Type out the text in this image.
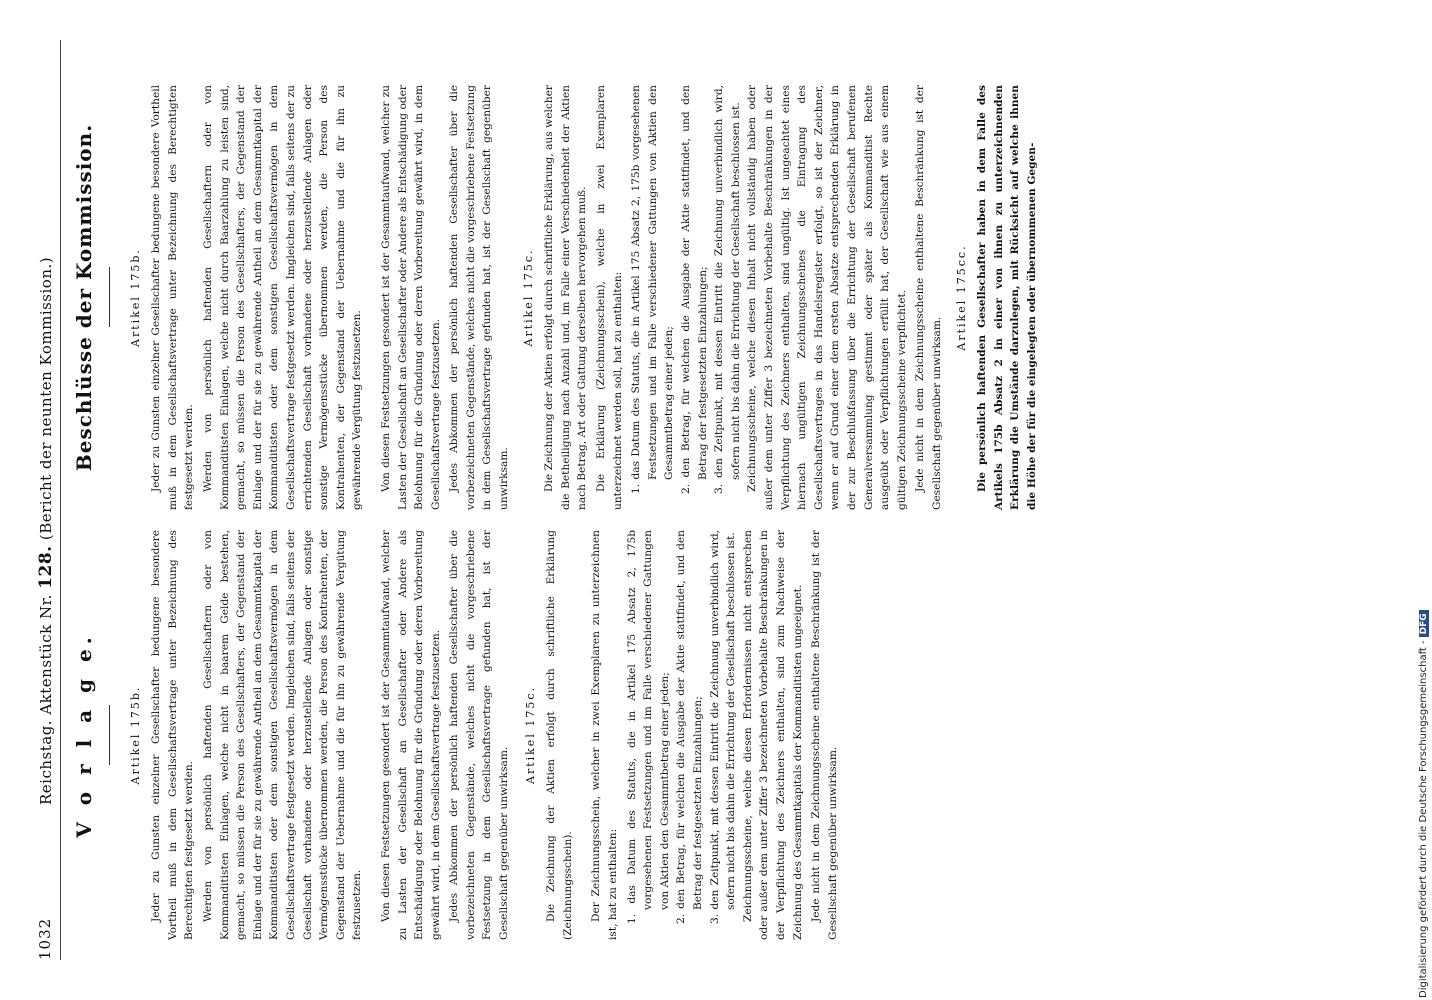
1032
Reichstag. Aktenstück Nr. 128. (Bericht der neunten Kommission.)
V o r l a g e.	Artikel 175b. Jeder zu Gunsten einzelner Gesellschafter bedungene besondere Vortheil muß in dem Gesellschaftsvertrage unter Bezeichnung des Berechtigten festgesetzt werden. Werden von persönlich haftenden Gesellschaftern oder von Kommanditisten Einlagen, welche nicht in baarem Gelde bestehen, gemacht, so müssen die Person des Gesellschafters, der Gegenstand der Einlage und der für sie zu gewährende Antheil an dem Gesammtkapital der Kommanditisten oder dem sonstigen Gesellschaftsvermögen in dem Gesellschaftsvertrage festgesetzt werden. Imgleichen sind, falls seitens der Gesellschaft vorhandene oder herzustellende Anlagen oder sonstige Vermögensstücke übernommen werden, die Person des Kontrahenten, der Gegenstand der Uebernahme und die für ihn zu gewährende Vergütung festzusetzen. Von diesen Festsetzungen gesondert ist der Gesammtaufwand, welcher zu Lasten der Gesellschaft an Gesellschafter oder Andere als Entschädigung oder Belohnung für die Gründung oder deren Vorbereitung gewährt wird, in dem Gesellschaftsvertrage festzusetzen. Jedes Abkommen der persönlich haftenden Gesellschafter über die vorbezeichneten Gegenstände, welches nicht die vorgeschriebene Festsetzung in dem Gesellschaftsvertrage gefunden hat, ist der Gesellschaft gegenüber unwirksam.

Artikel 175c. Die Zeichnung der Aktien erfolgt durch schriftliche Erklärung (Zeichnungsschein). Der Zeichnungsschein, welcher in zwei Exemplaren zu unterzeichnen ist, hat zu enthalten: 1. das Datum des Statuts, die in Artikel 175 Absatz 2, 175b vorgesehenen Festsetzungen und im Falle verschiedener Gattungen von Aktien den Gesammtbetrag einer jeden; 2. den Betrag, für welchen die Ausgabe der Aktie stattfindet, und den Betrag der festgesetzten Einzahlungen; 3. den Zeitpunkt, mit dessen Eintritt die Zeichnung unverbindlich wird, sofern nicht bis dahin die Errichtung der Gesellschaft beschlossen ist. Zeichnungsscheine, welche diesen Erfordernissen nicht entsprechen oder außer dem unter Ziffer 3 bezeichneten Vorbehalte Beschränkungen in der Verpflichtung des Zeichners enthalten, sind zum Nachweise der Zeichnung des Gesammtkapitals der Kommanditisten ungeeignet. Jede nicht in dem Zeichnungsscheine enthaltene Beschränkung ist der Gesellschaft gegenüber unwirksam.

Beschlüsse der Kommission.	Artikel 175b. Jeder zu Gunsten einzelner Gesellschafter bedungene besondere Vortheil muß in dem Gesellschaftsvertrage unter Bezeichnung des Berechtigten festgesetzt werden. Werden von persönlich haftenden Gesellschaftern oder von Kommanditisten Einlagen, welche nicht durch Baarzahlung zu leisten sind, gemacht, so müssen die Person des Gesellschafters, der Gegenstand der Einlage und der für sie zu gewährende Antheil an dem Gesammtkapital der Kommanditisten oder dem sonstigen Gesellschaftsvermögen in dem Gesellschaftsvertrage festgesetzt werden. Imgleichen sind, falls seitens der zu errichtenden Gesellschaft vorhandene oder herzustellende Anlagen oder sonstige Vermögensstücke übernommen werden, die Person des Kontrahenten, der Gegenstand der Uebernahme und die für ihn zu gewährende Vergütung festzusetzen. Von diesen Festsetzungen gesondert ist der Gesammtaufwand, welcher zu Lasten der Gesellschaft an Gesellschafter oder Andere als Entschädigung oder Belohnung für die Gründung oder deren Vorbereitung gewährt wird, in dem Gesellschaftsvertrage festzusetzen. Jedes Abkommen der persönlich haftenden Gesellschafter über die vorbezeichneten Gegenstände, welches nicht die vorgeschriebene Festsetzung in dem Gesellschaftsvertrage gefunden hat, ist der Gesellschaft gegenüber unwirksam.

Artikel 175c. Die Zeichnung der Aktien erfolgt durch schriftliche Erklärung, aus welcher die Betheiligung nach Anzahl und, im Falle einer Verschiedenheit der Aktien nach Betrag, Art oder Gattung derselben hervorgehen muß. Die Erklärung (Zeichnungsschein), welche in zwei Exemplaren unterzeichnet werden soll, hat zu enthalten: 1. das Datum des Statuts, die in Artikel 175 Absatz 2, 175b vorgesehenen Festsetzungen und im Falle verschiedener Gattungen von Aktien den Gesammtbetrag einer jeden; 2. den Betrag, für welchen die Ausgabe der Aktie stattfindet, und den Betrag der festgesetzten Einzahlungen; 3. den Zeitpunkt, mit dessen Eintritt die Zeichnung unverbindlich wird, sofern nicht bis dahin die Errichtung der Gesellschaft beschlossen ist. Zeichnungsscheine, welche diesen Inhalt nicht vollständig haben oder außer dem unter Ziffer 3 bezeichneten Vorbehalte Beschränkungen in der Verpflichtung des Zeichners enthalten, sind ungültig. Ist ungeachtet eines hiernach ungültigen Zeichnungsscheines die Eintragung des Gesellschaftsvertrages in das Handelsregister erfolgt, so ist der Zeichner, wenn er auf Grund einer dem ersten Absatze entsprechenden Erklärung in der zur Beschlußfassung über die Errichtung der Gesellschaft berufenen Generalversammlung gestimmt oder später als Kommanditist Rechte ausgeübt oder Verpflichtungen erfüllt hat, der Gesellschaft wie aus einem gültigen Zeichnungsscheine verpflichtet. Jede nicht in dem Zeichnungsscheine enthaltene Beschränkung ist der Gesellschaft gegenüber unwirksam.

Artikel 175cc. Die persönlich haftenden Gesellschafter haben in dem Falle des Artikels 175b Absatz 2 in einer von ihnen zu unterzeichnenden Erklärung die Umstände darzulegen, mit Rücksicht auf welche ihnen die Höhe der für die eingelegten oder übernommenen Gegen-

Digitalisierung gefördert durch die Deutsche Forschungsgemeinschaft -DFG
